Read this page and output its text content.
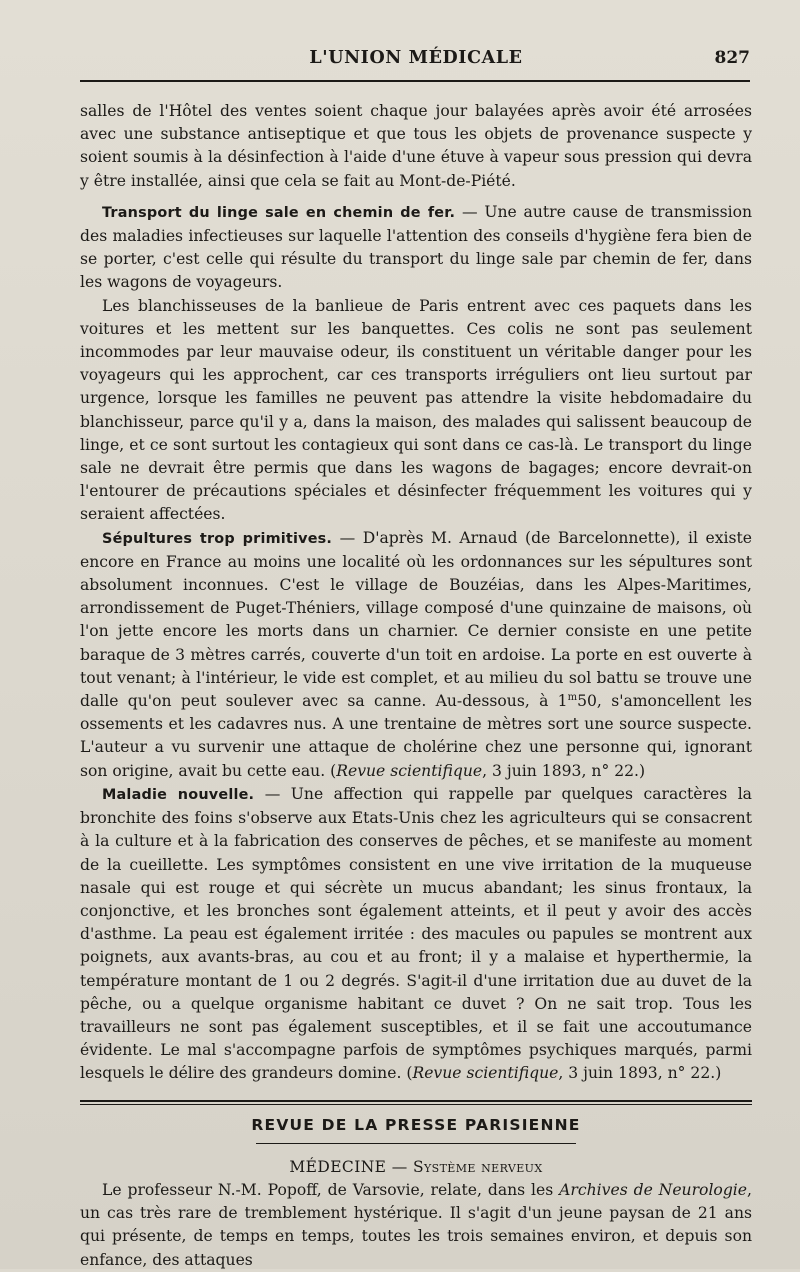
L'UNION MÉDICALE	827

salles de l'Hôtel des ventes soient chaque jour balayées après avoir été arrosées avec une substance antiseptique et que tous les objets de provenance suspecte y soient soumis à la désinfection à l'aide d'une étuve à vapeur sous pression qui devra y être installée, ainsi que cela se fait au Mont-de-Piété.

Transport du linge sale en chemin de fer. — Une autre cause de transmission des maladies infectieuses sur laquelle l'attention des conseils d'hygiène fera bien de se porter, c'est celle qui résulte du transport du linge sale par chemin de fer, dans les wagons de voyageurs.

Les blanchisseuses de la banlieue de Paris entrent avec ces paquets dans les voitures et les mettent sur les banquettes. Ces colis ne sont pas seulement incommodes par leur mauvaise odeur, ils constituent un véritable danger pour les voyageurs qui les approchent, car ces transports irréguliers ont lieu surtout par urgence, lorsque les familles ne peuvent pas attendre la visite hebdomadaire du blanchisseur, parce qu'il y a, dans la maison, des malades qui salissent beaucoup de linge, et ce sont surtout les contagieux qui sont dans ce cas-là. Le transport du linge sale ne devrait être permis que dans les wagons de bagages; encore devrait-on l'entourer de précautions spéciales et désinfecter fréquemment les voitures qui y seraient affectées.

Sépultures trop primitives. — D'après M. Arnaud (de Barcelonnette), il existe encore en France au moins une localité où les ordonnances sur les sépultures sont absolument inconnues. C'est le village de Bouzéias, dans les Alpes-Maritimes, arrondissement de Puget-Théniers, village composé d'une quinzaine de maisons, où l'on jette encore les morts dans un charnier. Ce dernier consiste en une petite baraque de 3 mètres carrés, couverte d'un toit en ardoise. La porte en est ouverte à tout venant; à l'intérieur, le vide est complet, et au milieu du sol battu se trouve une dalle qu'on peut soulever avec sa canne. Au-dessous, à 1$^m$50, s'amoncellent les ossements et les cadavres nus. A une trentaine de mètres sort une source suspecte. L'auteur a vu survenir une attaque de cholérine chez une personne qui, ignorant son origine, avait bu cette eau. (Revue scientifique, 3 juin 1893, n° 22.)

Maladie nouvelle. — Une affection qui rappelle par quelques caractères la bronchite des foins s'observe aux Etats-Unis chez les agriculteurs qui se consacrent à la culture et à la fabrication des conserves de pêches, et se manifeste au moment de la cueillette. Les symptômes consistent en une vive irritation de la muqueuse nasale qui est rouge et qui sécrète un mucus abandant; les sinus frontaux, la conjonctive, et les bronches sont également atteints, et il peut y avoir des accès d'asthme. La peau est également irritée : des macules ou papules se montrent aux poignets, aux avants-bras, au cou et au front; il y a malaise et hyperthermie, la température montant de 1 ou 2 degrés. S'agit-il d'une irritation due au duvet de la pêche, ou a quelque organisme habitant ce duvet ? On ne sait trop. Tous les travailleurs ne sont pas également susceptibles, et il se fait une accoutumance évidente. Le mal s'accompagne parfois de symptômes psychiques marqués, parmi lesquels le délire des grandeurs domine. (Revue scientifique, 3 juin 1893, n° 22.)

REVUE DE LA PRESSE PARISIENNE
MÉDECINE — Système nerveux

Le professeur N.-M. Popoff, de Varsovie, relate, dans les Archives de Neurologie, un cas très rare de tremblement hystérique. Il s'agit d'un jeune paysan de 21 ans qui présente, de temps en temps, toutes les trois semaines environ, et depuis son enfance, des attaques
